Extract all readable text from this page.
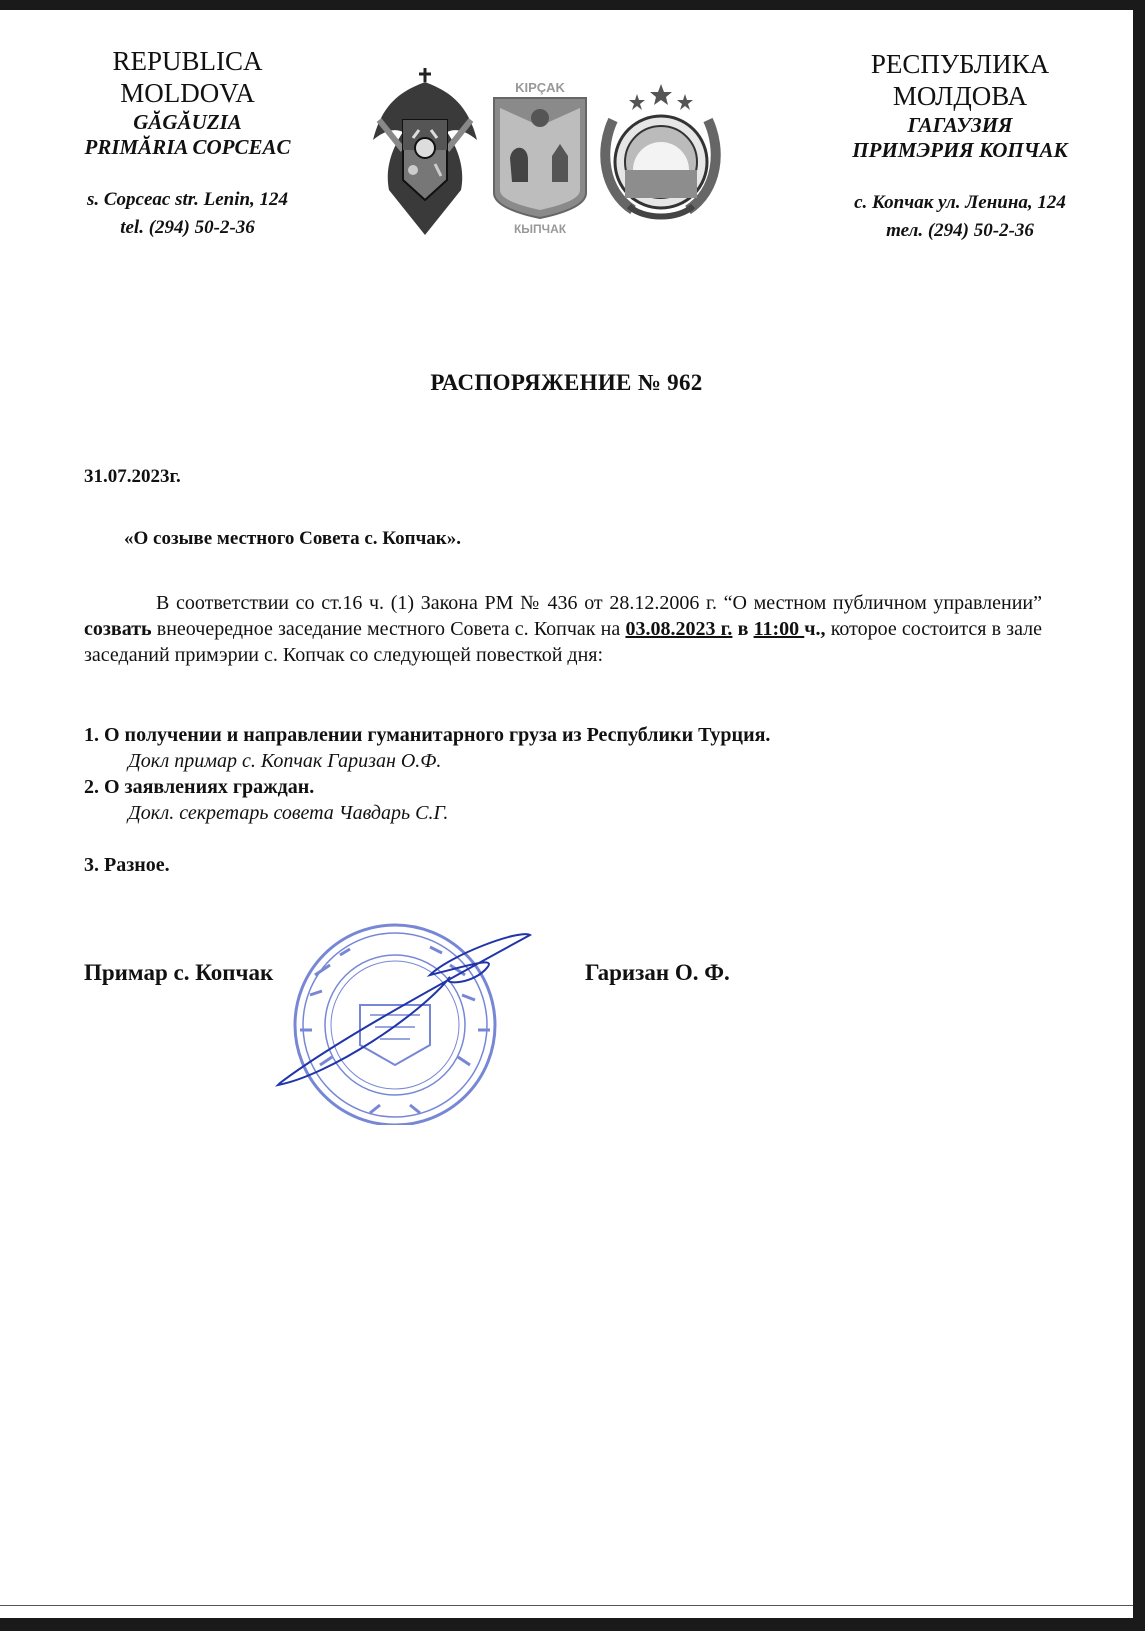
REPUBLICA
MOLDOVA
GĂGĂUZIA
PRIMĂRIA COPCEAC
s. Copceac str. Lenin, 124
tel. (294) 50-2-36
KIPÇAK
КЫПЧАК
РЕСПУБЛИКА
МОЛДОВА
ГАГАУЗИЯ
ПРИМЭРИЯ КОПЧАК
с. Копчак ул. Ленина, 124
тел. (294) 50-2-36
РАСПОРЯЖЕНИЕ № 962
31.07.2023г.
«О созыве местного Совета с. Копчак».
В соответствии со ст.16 ч. (1) Закона РМ № 436 от 28.12.2006 г. “О местном публичном управлении” созвать внеочередное заседание местного Совета с. Копчак на 03.08.2023 г. в 11:00 ч., которое состоится в зале заседаний примэрии с. Копчак со следующей повесткой дня:
1. О получении и направлении гуманитарного груза из Республики Турция.
Докл примар с. Копчак Гаризан О.Ф.
2. О заявлениях граждан.
Докл. секретарь совета Чавдарь С.Г.
3. Разное.
Примар с. Копчак	Гаризан О. Ф.
